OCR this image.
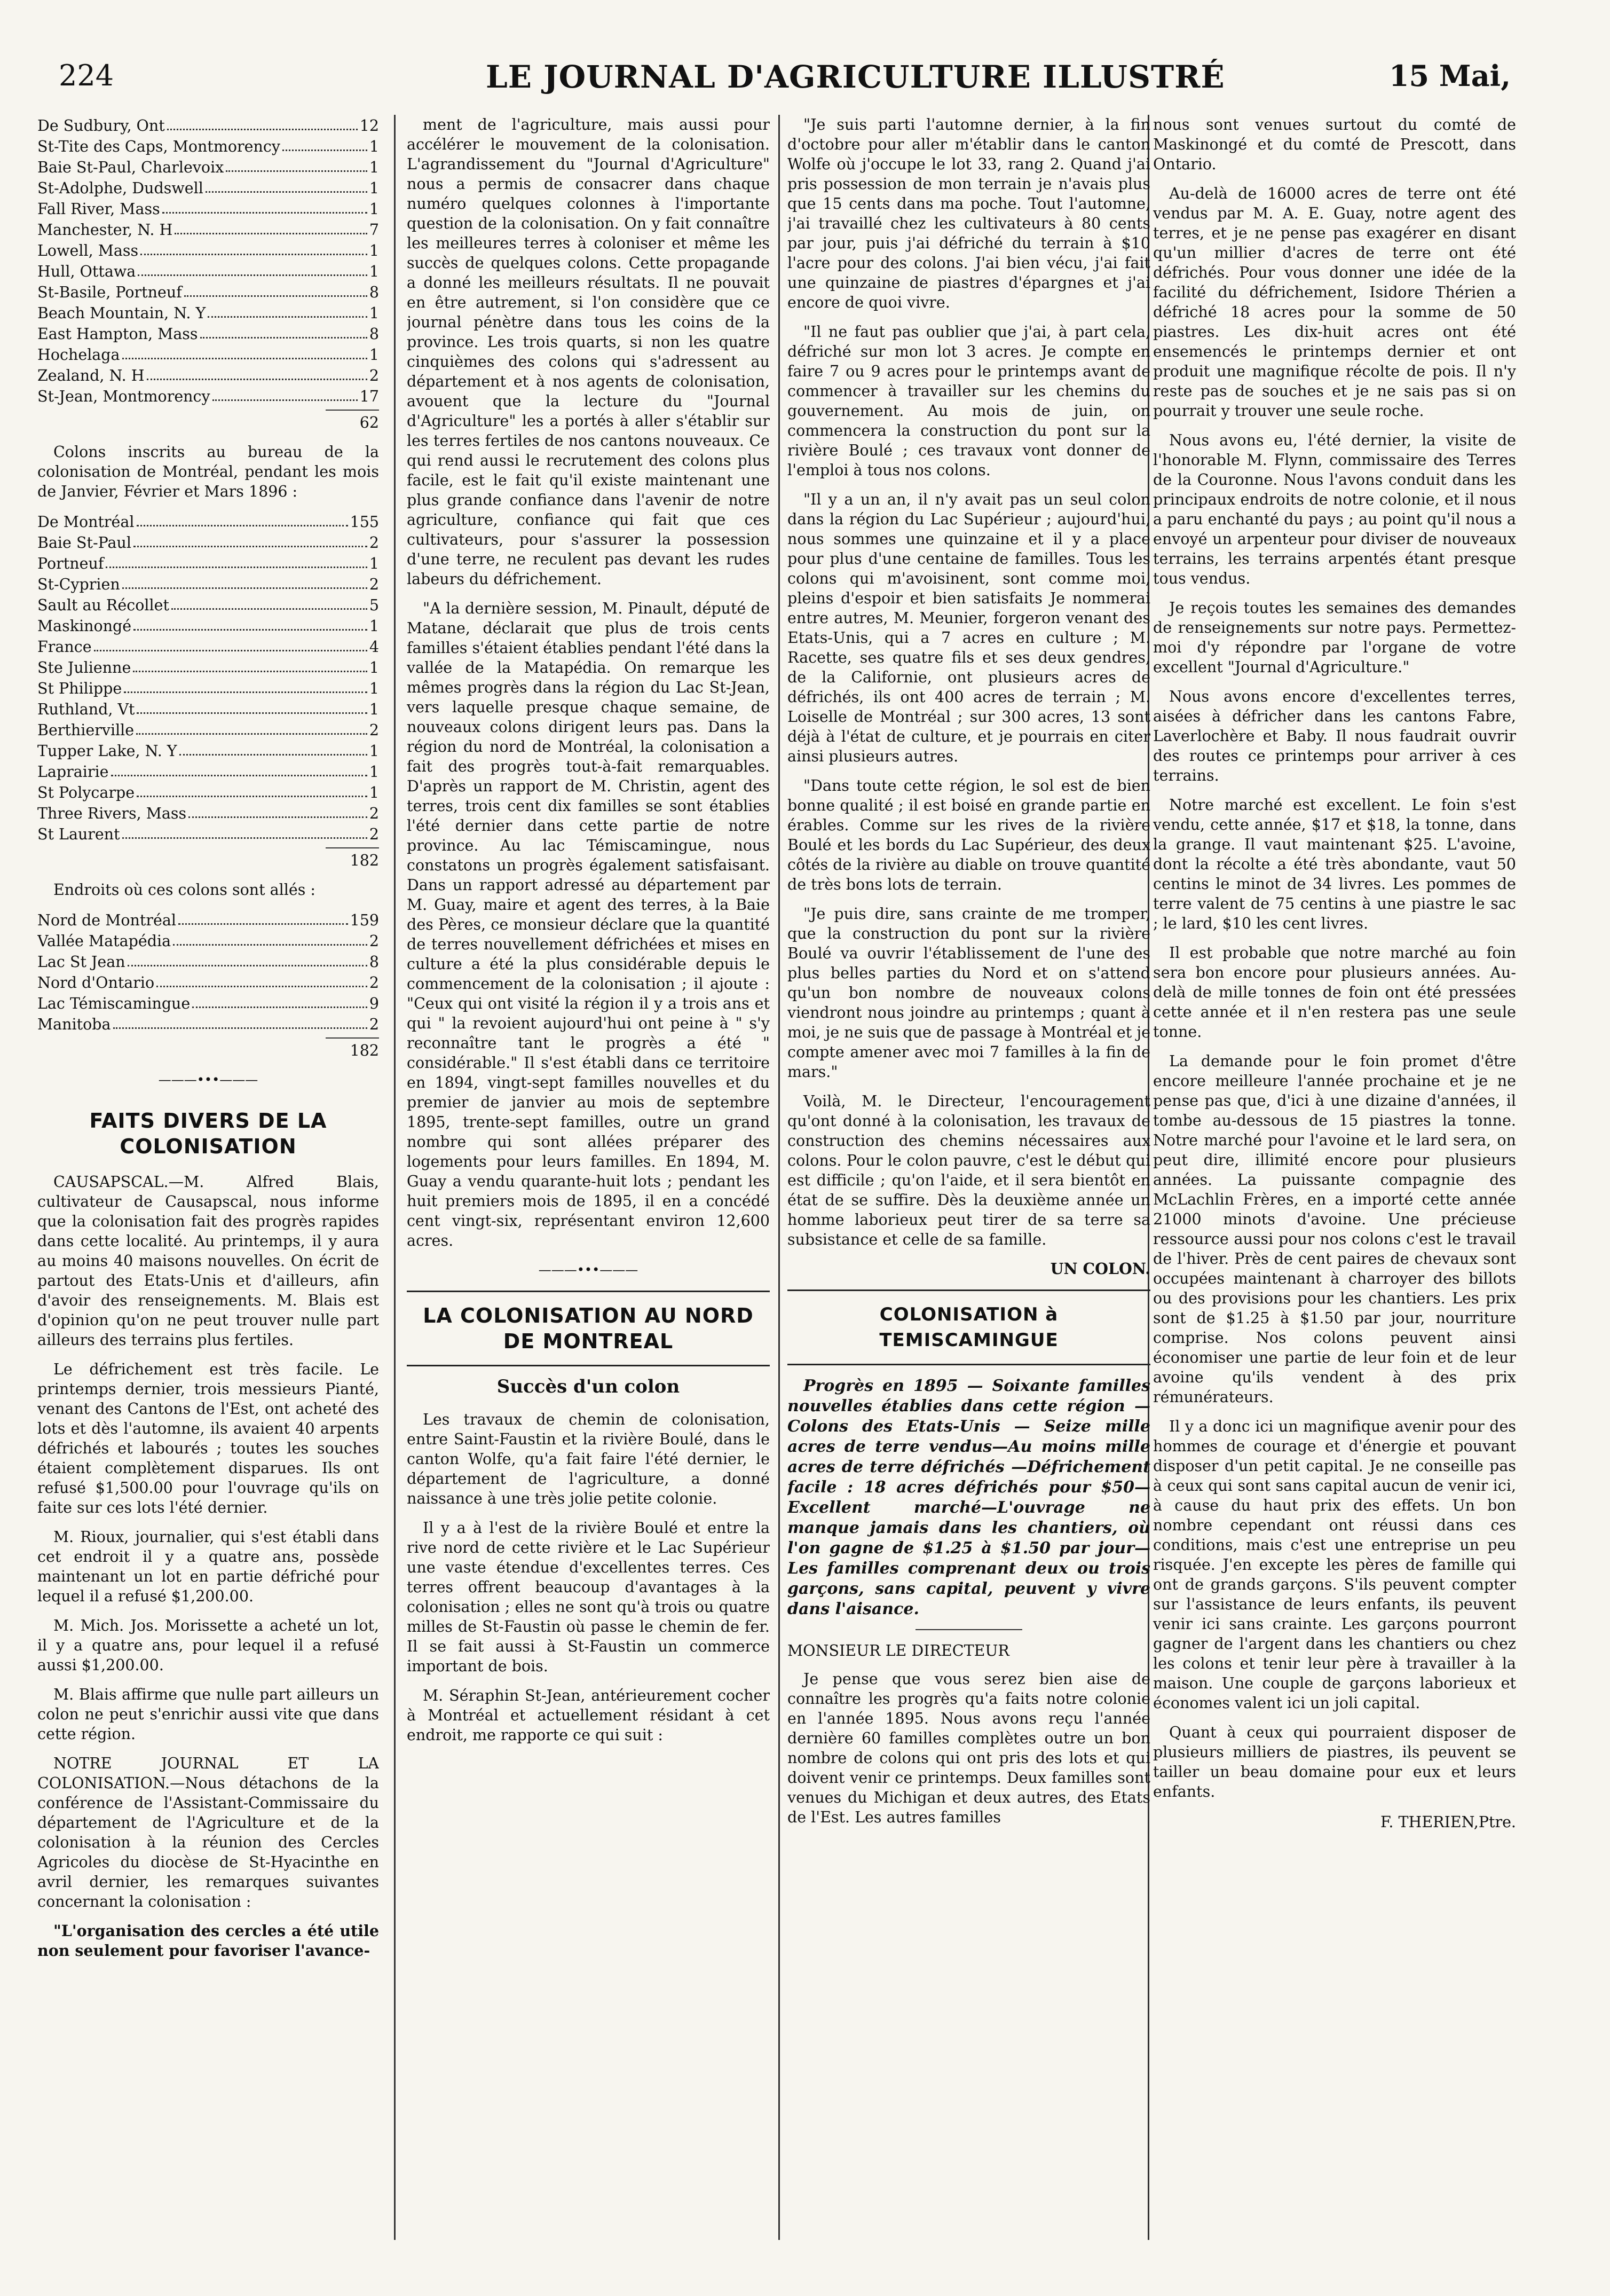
224	LE JOURNAL D'AGRICULTURE ILLUSTRÉ	15 Mai,
De Sudbury, Ont	12
St-Tite des Caps, Montmorency	1
Baie St-Paul, Charlevoix	1
St-Adolphe, Dudswell	1
Fall River, Mass	1
Manchester, N. H	7
Lowell, Mass	1
Hull, Ottawa	1
St-Basile, Portneuf	8
Beach Mountain, N. Y	1
East Hampton, Mass	8
Hochelaga	1
Zealand, N. H	2
St-Jean, Montmorency	17
62

Colons inscrits au bureau de la colonisation de Montréal, pendant les mois de Janvier, Février et Mars 1896 :

De Montréal	155
Baie St-Paul	2
Portneuf	1
St-Cyprien	2
Sault au Récollet	5
Maskinongé	1
France	4
Ste Julienne	1
St Philippe	1
Ruthland, Vt	1
Berthierville	2
Tupper Lake, N. Y	1
Laprairie	1
St Polycarpe	1
Three Rivers, Mass	2
St Laurent	2
182

Endroits où ces colons sont allés :

Nord de Montréal	159
Vallée Matapédia	2
Lac St Jean	8
Nord d'Ontario	2
Lac Témiscamingue	9
Manitoba	2
182
———•••———
FAITS DIVERS DE LA COLONISATION

CAUSAPSCAL.—M. Alfred Blais, cultivateur de Causapscal, nous informe que la colonisation fait des progrès rapides dans cette localité. Au printemps, il y aura au moins 40 maisons nouvelles. On écrit de partout des Etats-Unis et d'ailleurs, afin d'avoir des renseignements. M. Blais est d'opinion qu'on ne peut trouver nulle part ailleurs des terrains plus fertiles.

Le défrichement est très facile. Le printemps dernier, trois messieurs Pianté, venant des Cantons de l'Est, ont acheté des lots et dès l'automne, ils avaient 40 arpents défrichés et labourés ; toutes les souches étaient complètement disparues. Ils ont refusé $1,500.00 pour l'ouvrage qu'ils on faite sur ces lots l'été dernier.

M. Rioux, journalier, qui s'est établi dans cet endroit il y a quatre ans, possède maintenant un lot en partie défriché pour lequel il a refusé $1,200.00.

M. Mich. Jos. Morissette a acheté un lot, il y a quatre ans, pour lequel il a refusé aussi $1,200.00.

M. Blais affirme que nulle part ailleurs un colon ne peut s'enrichir aussi vite que dans cette région.

NOTRE JOURNAL ET LA COLONISATION.—Nous détachons de la conférence de l'Assistant-Commissaire du département de l'Agriculture et de la colonisation à la réunion des Cercles Agricoles du diocèse de St-Hyacinthe en avril dernier, les remarques suivantes concernant la colonisation :

"L'organisation des cercles a été utile non seulement pour favoriser l'avance-

ment de l'agriculture, mais aussi pour accélérer le mouvement de la colonisation. L'agrandissement du "Journal d'Agriculture" nous a permis de consacrer dans chaque numéro quelques colonnes à l'importante question de la colonisation. On y fait connaître les meilleures terres à coloniser et même les succès de quelques colons. Cette propagande a donné les meilleurs résultats. Il ne pouvait en être autrement, si l'on considère que ce journal pénètre dans tous les coins de la province. Les trois quarts, si non les quatre cinquièmes des colons qui s'adressent au département et à nos agents de colonisation, avouent que la lecture du "Journal d'Agriculture" les a portés à aller s'établir sur les terres fertiles de nos cantons nouveaux. Ce qui rend aussi le recrutement des colons plus facile, est le fait qu'il existe maintenant une plus grande confiance dans l'avenir de notre agriculture, confiance qui fait que ces cultivateurs, pour s'assurer la possession d'une terre, ne reculent pas devant les rudes labeurs du défrichement.

"A la dernière session, M. Pinault, député de Matane, déclarait que plus de trois cents familles s'étaient établies pendant l'été dans la vallée de la Matapédia. On remarque les mêmes progrès dans la région du Lac St-Jean, vers laquelle presque chaque semaine, de nouveaux colons dirigent leurs pas. Dans la région du nord de Montréal, la colonisation a fait des progrès tout-à-fait remarquables. D'après un rapport de M. Christin, agent des terres, trois cent dix familles se sont établies l'été dernier dans cette partie de notre province. Au lac Témiscamingue, nous constatons un progrès également satisfaisant. Dans un rapport adressé au département par M. Guay, maire et agent des terres, à la Baie des Pères, ce monsieur déclare que la quantité de terres nouvellement défrichées et mises en culture a été la plus considérable depuis le commencement de la colonisation ; il ajoute : "Ceux qui ont visité la région il y a trois ans et qui " la revoient aujourd'hui ont peine à " s'y reconnaître tant le progrès a été " considérable." Il s'est établi dans ce territoire en 1894, vingt-sept familles nouvelles et du premier de janvier au mois de septembre 1895, trente-sept familles, outre un grand nombre qui sont allées préparer des logements pour leurs familles. En 1894, M. Guay a vendu quarante-huit lots ; pendant les huit premiers mois de 1895, il en a concédé cent vingt-six, représentant environ 12,600 acres.

———•••———
LA COLONISATION AU NORD DE MONTREAL
Succès d'un colon

Les travaux de chemin de colonisation, entre Saint-Faustin et la rivière Boulé, dans le canton Wolfe, qu'a fait faire l'été dernier, le département de l'agriculture, a donné naissance à une très jolie petite colonie.

Il y a à l'est de la rivière Boulé et entre la rive nord de cette rivière et le Lac Supérieur une vaste étendue d'excellentes terres. Ces terres offrent beaucoup d'avantages à la colonisation ; elles ne sont qu'à trois ou quatre milles de St-Faustin où passe le chemin de fer. Il se fait aussi à St-Faustin un commerce important de bois.

M. Séraphin St-Jean, antérieurement cocher à Montréal et actuellement résidant à cet endroit, me rapporte ce qui suit :

"Je suis parti l'automne dernier, à la fin d'octobre pour aller m'établir dans le canton Wolfe où j'occupe le lot 33, rang 2. Quand j'ai pris possession de mon terrain je n'avais plus que 15 cents dans ma poche. Tout l'automne, j'ai travaillé chez les cultivateurs à 80 cents par jour, puis j'ai défriché du terrain à $10 l'acre pour des colons. J'ai bien vécu, j'ai fait une quinzaine de piastres d'épargnes et j'ai encore de quoi vivre.

"Il ne faut pas oublier que j'ai, à part cela, défriché sur mon lot 3 acres. Je compte en faire 7 ou 9 acres pour le printemps avant de commencer à travailler sur les chemins du gouvernement. Au mois de juin, on commencera la construction du pont sur la rivière Boulé ; ces travaux vont donner de l'emploi à tous nos colons.

"Il y a un an, il n'y avait pas un seul colon dans la région du Lac Supérieur ; aujourd'hui, nous sommes une quinzaine et il y a place pour plus d'une centaine de familles. Tous les colons qui m'avoisinent, sont comme moi, pleins d'espoir et bien satisfaits Je nommerai entre autres, M. Meunier, forgeron venant des Etats-Unis, qui a 7 acres en culture ; M. Racette, ses quatre fils et ses deux gendres, de la Californie, ont plusieurs acres de défrichés, ils ont 400 acres de terrain ; M. Loiselle de Montréal ; sur 300 acres, 13 sont déjà à l'état de culture, et je pourrais en citer ainsi plusieurs autres.

"Dans toute cette région, le sol est de bien bonne qualité ; il est boisé en grande partie en érables. Comme sur les rives de la rivière Boulé et les bords du Lac Supérieur, des deux côtés de la rivière au diable on trouve quantité de très bons lots de terrain.

"Je puis dire, sans crainte de me tromper, que la construction du pont sur la rivière Boulé va ouvrir l'établissement de l'une des plus belles parties du Nord et on s'attend qu'un bon nombre de nouveaux colons viendront nous joindre au printemps ; quant à moi, je ne suis que de passage à Montréal et je compte amener avec moi 7 familles à la fin de mars."

Voilà, M. le Directeur, l'encouragement qu'ont donné à la colonisation, les travaux de construction des chemins nécessaires aux colons. Pour le colon pauvre, c'est le début qui est difficile ; qu'on l'aide, et il sera bientôt en état de se suffire. Dès la deuxième année un homme laborieux peut tirer de sa terre sa subsistance et celle de sa famille.

UN COLON.
COLONISATION à TEMISCAMINGUE

Progrès en 1895 — Soixante familles nouvelles établies dans cette région — Colons des Etats-Unis — Seize mille acres de terre vendus—Au moins mille acres de terre défrichés —Défrichement facile : 18 acres défrichés pour $50—Excellent marché—L'ouvrage ne manque jamais dans les chantiers, où l'on gagne de $1.25 à $1.50 par jour—Les familles comprenant deux ou trois garçons, sans capital, peuvent y vivre dans l'aisance.

MONSIEUR LE DIRECTEUR

Je pense que vous serez bien aise de connaître les progrès qu'a faits notre colonie en l'année 1895. Nous avons reçu l'année dernière 60 familles complètes outre un bon nombre de colons qui ont pris des lots et qui doivent venir ce printemps. Deux familles sont venues du Michigan et deux autres, des Etats de l'Est. Les autres familles

nous sont venues surtout du comté de Maskinongé et du comté de Prescott, dans Ontario.

Au-delà de 16000 acres de terre ont été vendus par M. A. E. Guay, notre agent des terres, et je ne pense pas exagérer en disant qu'un millier d'acres de terre ont été défrichés. Pour vous donner une idée de la facilité du défrichement, Isidore Thérien a défriché 18 acres pour la somme de 50 piastres. Les dix-huit acres ont été ensemencés le printemps dernier et ont produit une magnifique récolte de pois. Il n'y reste pas de souches et je ne sais pas si on pourrait y trouver une seule roche.

Nous avons eu, l'été dernier, la visite de l'honorable M. Flynn, commissaire des Terres de la Couronne. Nous l'avons conduit dans les principaux endroits de notre colonie, et il nous a paru enchanté du pays ; au point qu'il nous a envoyé un arpenteur pour diviser de nouveaux terrains, les terrains arpentés étant presque tous vendus.

Je reçois toutes les semaines des demandes de renseignements sur notre pays. Permettez-moi d'y répondre par l'organe de votre excellent "Journal d'Agriculture."

Nous avons encore d'excellentes terres, aisées à défricher dans les cantons Fabre, Laverlochère et Baby. Il nous faudrait ouvrir des routes ce printemps pour arriver à ces terrains.

Notre marché est excellent. Le foin s'est vendu, cette année, $17 et $18, la tonne, dans la grange. Il vaut maintenant $25. L'avoine, dont la récolte a été très abondante, vaut 50 centins le minot de 34 livres. Les pommes de terre valent de 75 centins à une piastre le sac ; le lard, $10 les cent livres.

Il est probable que notre marché au foin sera bon encore pour plusieurs années. Au-delà de mille tonnes de foin ont été pressées cette année et il n'en restera pas une seule tonne.

La demande pour le foin promet d'être encore meilleure l'année prochaine et je ne pense pas que, d'ici à une dizaine d'années, il tombe au-dessous de 15 piastres la tonne. Notre marché pour l'avoine et le lard sera, on peut dire, illimité encore pour plusieurs années. La puissante compagnie des McLachlin Frères, en a importé cette année 21000 minots d'avoine. Une précieuse ressource aussi pour nos colons c'est le travail de l'hiver. Près de cent paires de chevaux sont occupées maintenant à charroyer des billots ou des provisions pour les chantiers. Les prix sont de $1.25 à $1.50 par jour, nourriture comprise. Nos colons peuvent ainsi économiser une partie de leur foin et de leur avoine qu'ils vendent à des prix rémunérateurs.

Il y a donc ici un magnifique avenir pour des hommes de courage et d'énergie et pouvant disposer d'un petit capital. Je ne conseille pas à ceux qui sont sans capital aucun de venir ici, à cause du haut prix des effets. Un bon nombre cependant ont réussi dans ces conditions, mais c'est une entreprise un peu risquée. J'en excepte les pères de famille qui ont de grands garçons. S'ils peuvent compter sur l'assistance de leurs enfants, ils peuvent venir ici sans crainte. Les garçons pourront gagner de l'argent dans les chantiers ou chez les colons et tenir leur père à travailler à la maison. Une couple de garçons laborieux et économes valent ici un joli capital.

Quant à ceux qui pourraient disposer de plusieurs milliers de piastres, ils peuvent se tailler un beau domaine pour eux et leurs enfants.

F. THERIEN,Ptre.
